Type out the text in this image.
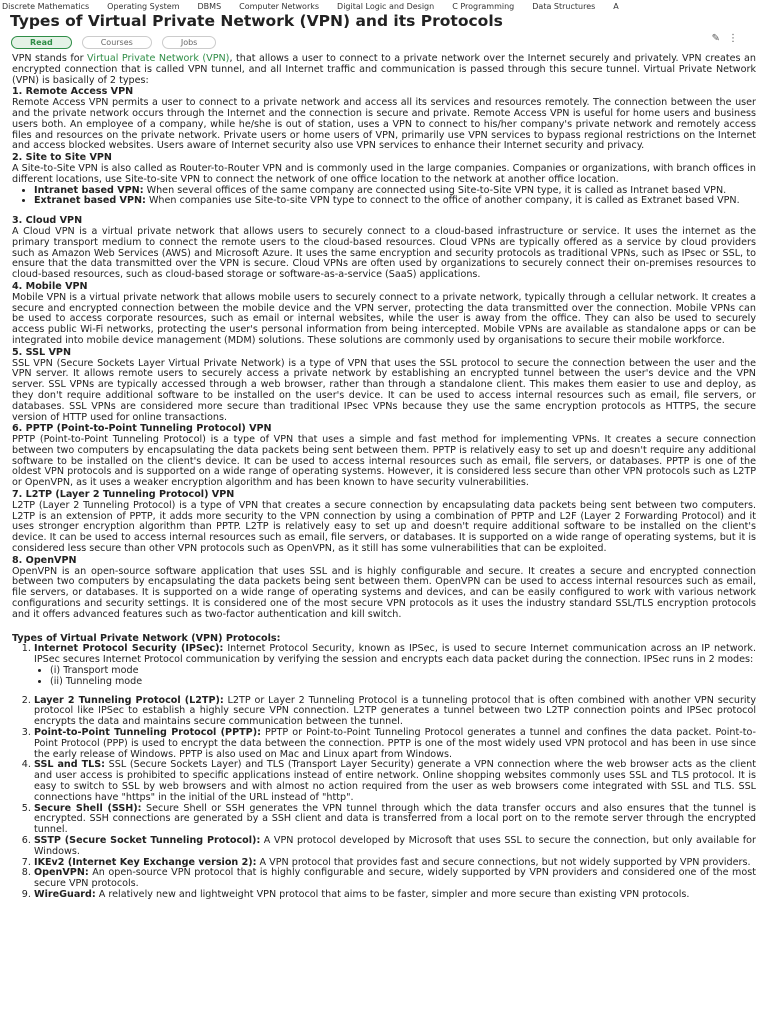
Discrete Mathematics Operating System DBMS Computer Networks Digital Logic and Design C Programming Data Structures A
Types of Virtual Private Network (VPN) and its Protocols
Read	Courses	Jobs	✎ ⋮

VPN stands for Virtual Private Network (VPN), that allows a user to connect to a private network over the Internet securely and privately. VPN creates an encrypted connection that is called VPN tunnel, and all Internet traffic and communication is passed through this secure tunnel. Virtual Private Network (VPN) is basically of 2 types:

1. Remote Access VPN

Remote Access VPN permits a user to connect to a private network and access all its services and resources remotely. The connection between the user and the private network occurs through the Internet and the connection is secure and private. Remote Access VPN is useful for home users and business users both. An employee of a company, while he/she is out of station, uses a VPN to connect to his/her company's private network and remotely access files and resources on the private network. Private users or home users of VPN, primarily use VPN services to bypass regional restrictions on the Internet and access blocked websites. Users aware of Internet security also use VPN services to enhance their Internet security and privacy.

2. Site to Site VPN

A Site-to-Site VPN is also called as Router-to-Router VPN and is commonly used in the large companies. Companies or organizations, with branch offices in different locations, use Site-to-site VPN to connect the network of one office location to the network at another office location.

• Intranet based VPN: When several offices of the same company are connected using Site-to-Site VPN type, it is called as Intranet based VPN.
• Extranet based VPN: When companies use Site-to-site VPN type to connect to the office of another company, it is called as Extranet based VPN.

3. Cloud VPN

A Cloud VPN is a virtual private network that allows users to securely connect to a cloud-based infrastructure or service. It uses the internet as the primary transport medium to connect the remote users to the cloud-based resources. Cloud VPNs are typically offered as a service by cloud providers such as Amazon Web Services (AWS) and Microsoft Azure. It uses the same encryption and security protocols as traditional VPNs, such as IPsec or SSL, to ensure that the data transmitted over the VPN is secure. Cloud VPNs are often used by organizations to securely connect their on-premises resources to cloud-based resources, such as cloud-based storage or software-as-a-service (SaaS) applications.

4. Mobile VPN

Mobile VPN is a virtual private network that allows mobile users to securely connect to a private network, typically through a cellular network. It creates a secure and encrypted connection between the mobile device and the VPN server, protecting the data transmitted over the connection. Mobile VPNs can be used to access corporate resources, such as email or internal websites, while the user is away from the office. They can also be used to securely access public Wi-Fi networks, protecting the user's personal information from being intercepted. Mobile VPNs are available as standalone apps or can be integrated into mobile device management (MDM) solutions. These solutions are commonly used by organisations to secure their mobile workforce.

5. SSL VPN

SSL VPN (Secure Sockets Layer Virtual Private Network) is a type of VPN that uses the SSL protocol to secure the connection between the user and the VPN server. It allows remote users to securely access a private network by establishing an encrypted tunnel between the user's device and the VPN server. SSL VPNs are typically accessed through a web browser, rather than through a standalone client. This makes them easier to use and deploy, as they don't require additional software to be installed on the user's device. It can be used to access internal resources such as email, file servers, or databases. SSL VPNs are considered more secure than traditional IPsec VPNs because they use the same encryption protocols as HTTPS, the secure version of HTTP used for online transactions.

6. PPTP (Point-to-Point Tunneling Protocol) VPN

PPTP (Point-to-Point Tunneling Protocol) is a type of VPN that uses a simple and fast method for implementing VPNs. It creates a secure connection between two computers by encapsulating the data packets being sent between them. PPTP is relatively easy to set up and doesn't require any additional software to be installed on the client's device. It can be used to access internal resources such as email, file servers, or databases. PPTP is one of the oldest VPN protocols and is supported on a wide range of operating systems. However, it is considered less secure than other VPN protocols such as L2TP or OpenVPN, as it uses a weaker encryption algorithm and has been known to have security vulnerabilities.

7. L2TP (Layer 2 Tunneling Protocol) VPN

L2TP (Layer 2 Tunneling Protocol) is a type of VPN that creates a secure connection by encapsulating data packets being sent between two computers. L2TP is an extension of PPTP, it adds more security to the VPN connection by using a combination of PPTP and L2F (Layer 2 Forwarding Protocol) and it uses stronger encryption algorithm than PPTP. L2TP is relatively easy to set up and doesn't require additional software to be installed on the client's device. It can be used to access internal resources such as email, file servers, or databases. It is supported on a wide range of operating systems, but it is considered less secure than other VPN protocols such as OpenVPN, as it still has some vulnerabilities that can be exploited.

8. OpenVPN

OpenVPN is an open-source software application that uses SSL and is highly configurable and secure. It creates a secure and encrypted connection between two computers by encapsulating the data packets being sent between them. OpenVPN can be used to access internal resources such as email, file servers, or databases. It is supported on a wide range of operating systems and devices, and can be easily configured to work with various network configurations and security settings. It is considered one of the most secure VPN protocols as it uses the industry standard SSL/TLS encryption protocols and it offers advanced features such as two-factor authentication and kill switch.

Types of Virtual Private Network (VPN) Protocols:

1. Internet Protocol Security (IPSec): Internet Protocol Security, known as IPSec, is used to secure Internet communication across an IP network. IPSec secures Internet Protocol communication by verifying the session and encrypts each data packet during the connection. IPSec runs in 2 modes:
• (i) Transport mode
• (ii) Tunneling mode
2. Layer 2 Tunneling Protocol (L2TP): L2TP or Layer 2 Tunneling Protocol is a tunneling protocol that is often combined with another VPN security protocol like IPSec to establish a highly secure VPN connection. L2TP generates a tunnel between two L2TP connection points and IPSec protocol encrypts the data and maintains secure communication between the tunnel.
3. Point-to-Point Tunneling Protocol (PPTP): PPTP or Point-to-Point Tunneling Protocol generates a tunnel and confines the data packet. Point-to-Point Protocol (PPP) is used to encrypt the data between the connection. PPTP is one of the most widely used VPN protocol and has been in use since the early release of Windows. PPTP is also used on Mac and Linux apart from Windows.
4. SSL and TLS: SSL (Secure Sockets Layer) and TLS (Transport Layer Security) generate a VPN connection where the web browser acts as the client and user access is prohibited to specific applications instead of entire network. Online shopping websites commonly uses SSL and TLS protocol. It is easy to switch to SSL by web browsers and with almost no action required from the user as web browsers come integrated with SSL and TLS. SSL connections have "https" in the initial of the URL instead of "http".
5. Secure Shell (SSH): Secure Shell or SSH generates the VPN tunnel through which the data transfer occurs and also ensures that the tunnel is encrypted. SSH connections are generated by a SSH client and data is transferred from a local port on to the remote server through the encrypted tunnel.
6. SSTP (Secure Socket Tunneling Protocol): A VPN protocol developed by Microsoft that uses SSL to secure the connection, but only available for Windows.
7. IKEv2 (Internet Key Exchange version 2): A VPN protocol that provides fast and secure connections, but not widely supported by VPN providers.
8. OpenVPN: An open-source VPN protocol that is highly configurable and secure, widely supported by VPN providers and considered one of the most secure VPN protocols.
9. WireGuard: A relatively new and lightweight VPN protocol that aims to be faster, simpler and more secure than existing VPN protocols.
